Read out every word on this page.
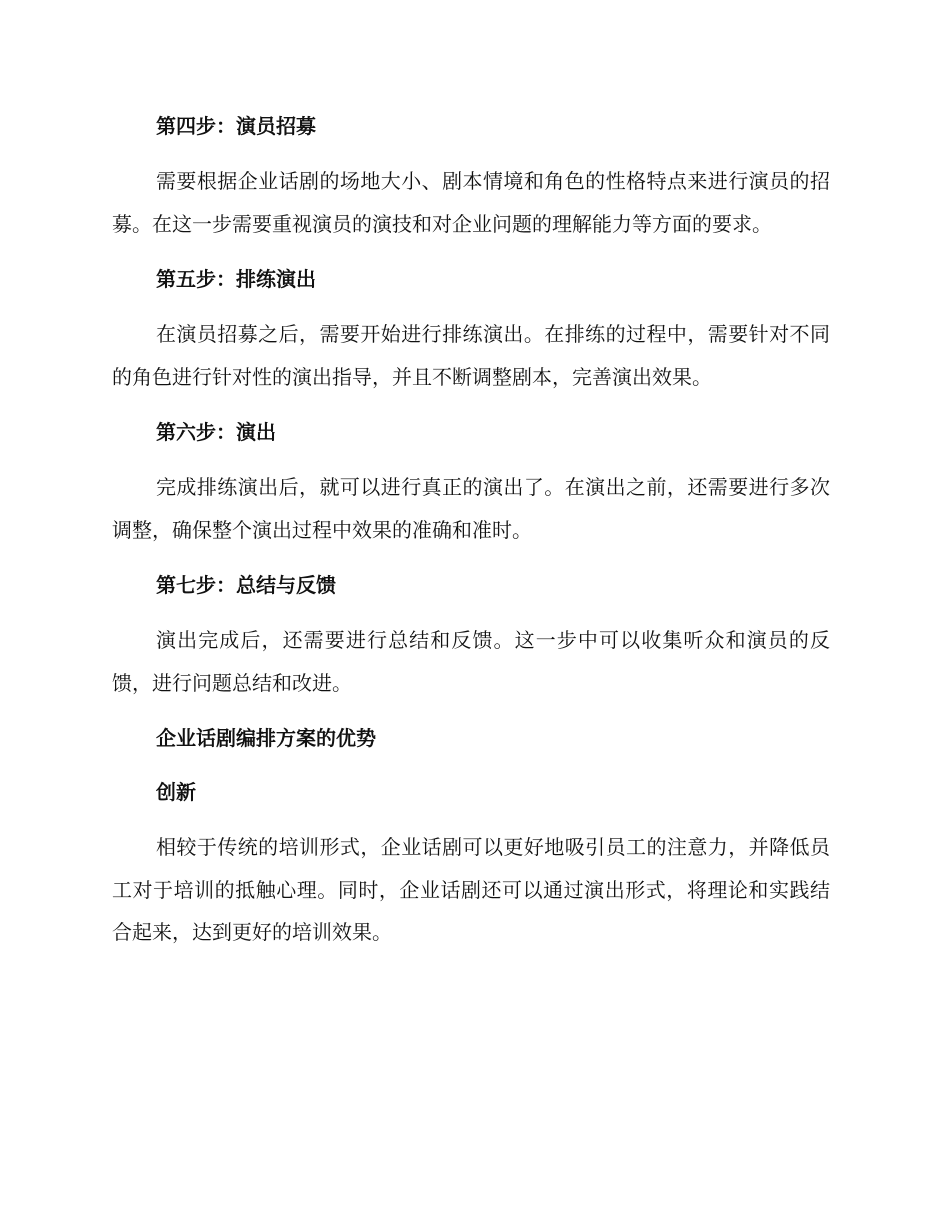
第四步：演员招募

需要根据企业话剧的场地大小、剧本情境和角色的性格特点来进行演员的招募。在这一步需要重视演员的演技和对企业问题的理解能力等方面的要求。

第五步：排练演出

在演员招募之后，需要开始进行排练演出。在排练的过程中，需要针对不同的角色进行针对性的演出指导，并且不断调整剧本，完善演出效果。

第六步：演出

完成排练演出后，就可以进行真正的演出了。在演出之前，还需要进行多次调整，确保整个演出过程中效果的准确和准时。

第七步：总结与反馈

演出完成后，还需要进行总结和反馈。这一步中可以收集听众和演员的反馈，进行问题总结和改进。

企业话剧编排方案的优势
创新

相较于传统的培训形式，企业话剧可以更好地吸引员工的注意力，并降低员工对于培训的抵触心理。同时，企业话剧还可以通过演出形式，将理论和实践结合起来，达到更好的培训效果。
